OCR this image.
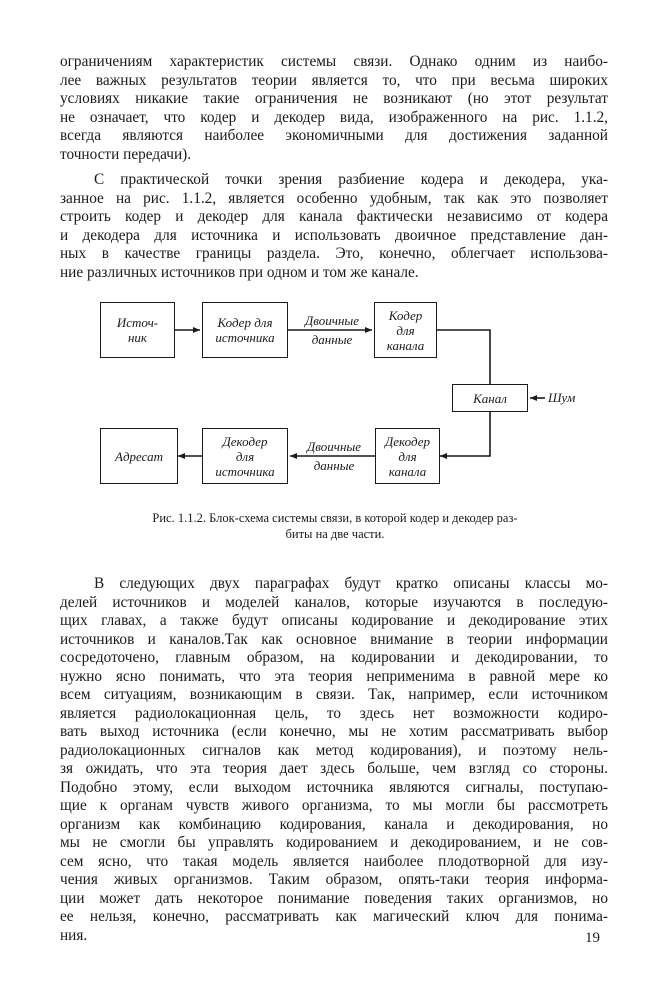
ограничениям характеристик системы связи. Однако одним из наибо-
лее важных результатов теории является то, что при весьма широких
условиях никакие такие ограничения не возникают (но этот результат
не означает, что кодер и декодер вида, изображенного на рис. 1.1.2,
всегда являются наиболее экономичными для достижения заданной
точности передачи).
С практической точки зрения разбиение кодера и декодера, ука-
занное на рис. 1.1.2, является особенно удобным, так как это позволяет
строить кодер и декодер для канала фактически независимо от кодера
и декодера для источника и использовать двоичное представление дан-
ных в качестве границы раздела. Это, конечно, облегчает использова-
ние различных источников при одном и том же канале.
Источ-
ник
Кодер для
источника
Двоичные
данные
Кодер
для
канала
Канал	Шум
Декодер
для
канала
Двоичные
данные
Декодер
для
источника
Адресат

Рис. 1.1.2. Блок-схема системы связи, в которой кодер и декодер раз-
биты на две части.

В следующих двух параграфах будут кратко описаны классы мо-
делей источников и моделей каналов, которые изучаются в последую-
щих главах, а также будут описаны кодирование и декодирование этих
источников и каналов.Так как основное внимание в теории информации
сосредоточено, главным образом, на кодировании и декодировании, то
нужно ясно понимать, что эта теория неприменима в равной мере ко
всем ситуациям, возникающим в связи. Так, например, если источником
является радиолокационная цель, то здесь нет возможности кодиро-
вать выход источника (если конечно, мы не хотим рассматривать выбор
радиолокационных сигналов как метод кодирования), и поэтому нель-
зя ожидать, что эта теория дает здесь больше, чем взгляд со стороны.
Подобно этому, если выходом источника являются сигналы, поступаю-
щие к органам чувств живого организма, то мы могли бы рассмотреть
организм как комбинацию кодирования, канала и декодирования, но
мы не смогли бы управлять кодированием и декодированием, и не сов-
сем ясно, что такая модель является наиболее плодотворной для изу-
чения живых организмов. Таким образом, опять-таки теория информа-
ции может дать некоторое понимание поведения таких организмов, но
ее нельзя, конечно, рассматривать как магический ключ для понима-
ния.	19
